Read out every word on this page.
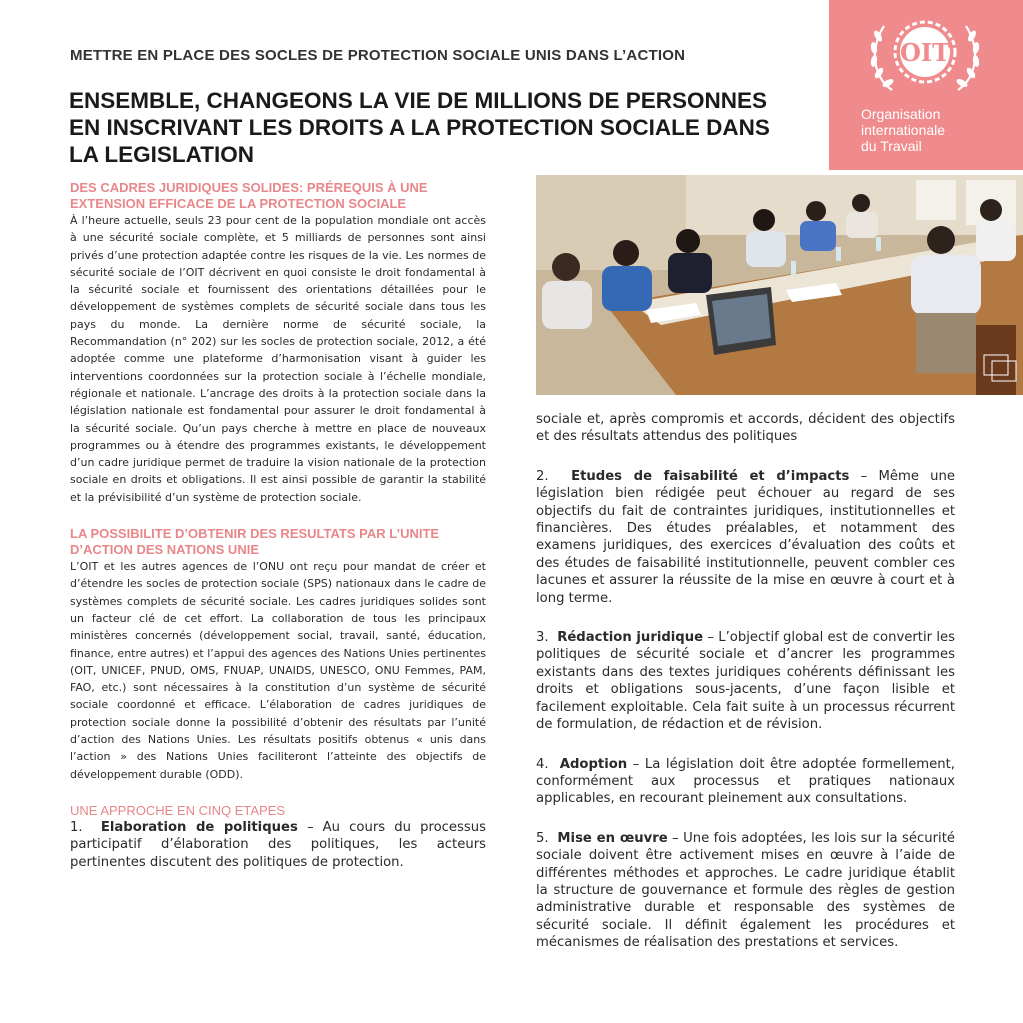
OIT
Organisation
internationale
du Travail
METTRE EN PLACE DES SOCLES DE PROTECTION SOCIALE UNIS DANS L’ACTION
ENSEMBLE, CHANGEONS LA VIE DE MILLIONS DE PERSONNES EN INSCRIVANT LES DROITS A LA PROTECTION SOCIALE DANS LA LEGISLATION
DES CADRES JURIDIQUES SOLIDES: PRÉREQUIS À UNE EXTENSION EFFICACE DE LA PROTECTION SOCIALE
À l’heure actuelle, seuls 23 pour cent de la population mondiale ont accès à une sécurité sociale complète, et 5 milliards de personnes sont ainsi privés d’une protection adaptée contre les risques de la vie. Les normes de sécurité sociale de l’OIT décrivent en quoi consiste le droit fondamental à la sécurité sociale et fournissent des orientations détaillées pour le développement de systèmes complets de sécurité sociale dans tous les pays du monde. La dernière norme de sécurité sociale, la Recommandation (n° 202) sur les socles de protection sociale, 2012, a été adoptée comme une plateforme d’harmonisation visant à guider les interventions coordonnées sur la protection sociale à l’échelle mondiale, régionale et nationale. L’ancrage des droits à la protection sociale dans la législation nationale est fondamental pour assurer le droit fondamental à la sécurité sociale. Qu’un pays cherche à mettre en place de nouveaux programmes ou à étendre des programmes existants, le développement d’un cadre juridique permet de traduire la vision nationale de la protection sociale en droits et obligations. Il est ainsi possible de garantir la stabilité et la prévisibilité d’un système de protection sociale.
LA POSSIBILITE D’OBTENIR DES RESULTATS PAR L’UNITE D’ACTION DES NATIONS UNIE
L’OIT et les autres agences de l’ONU ont reçu pour mandat de créer et d’étendre les socles de protection sociale (SPS) nationaux dans le cadre de systèmes complets de sécurité sociale. Les cadres juridiques solides sont un facteur clé de cet effort. La collaboration de tous les principaux ministères concernés (développement social, travail, santé, éducation, finance, entre autres) et l’appui des agences des Nations Unies pertinentes (OIT, UNICEF, PNUD, OMS, FNUAP, UNAIDS, UNESCO, ONU Femmes, PAM, FAO, etc.) sont nécessaires à la constitution d’un système de sécurité sociale coordonné et efficace. L’élaboration de cadres juridiques de protection sociale donne la possibilité d’obtenir des résultats par l’unité d’action des Nations Unies. Les résultats positifs obtenus « unis dans l’action » des Nations Unies faciliteront l’atteinte des objectifs de développement durable (ODD).
UNE APPROCHE EN CINQ ETAPES
1. Elaboration de politiques – Au cours du processus participatif d’élaboration des politiques, les acteurs pertinentes discutent des politiques de protection.
sociale et, après compromis et accords, décident des objectifs et des résultats attendus des politiques
2. Etudes de faisabilité et d’impacts – Même une législation bien rédigée peut échouer au regard de ses objectifs du fait de contraintes juridiques, institutionnelles et financières. Des études préalables, et notamment des examens juridiques, des exercices d’évaluation des coûts et des études de faisabilité institutionnelle, peuvent combler ces lacunes et assurer la réussite de la mise en œuvre à court et à long terme.
3. Rédaction juridique – L’objectif global est de convertir les politiques de sécurité sociale et d’ancrer les programmes existants dans des textes juridiques cohérents définissant les droits et obligations sous-jacents, d’une façon lisible et facilement exploitable. Cela fait suite à un processus récurrent de formulation, de rédaction et de révision.
4. Adoption – La législation doit être adoptée formellement, conformément aux processus et pratiques nationaux applicables, en recourant pleinement aux consultations.
5. Mise en œuvre – Une fois adoptées, les lois sur la sécurité sociale doivent être activement mises en œuvre à l’aide de différentes méthodes et approches. Le cadre juridique établit la structure de gouvernance et formule des règles de gestion administrative durable et responsable des systèmes de sécurité sociale. Il définit également les procédures et mécanismes de réalisation des prestations et services.
